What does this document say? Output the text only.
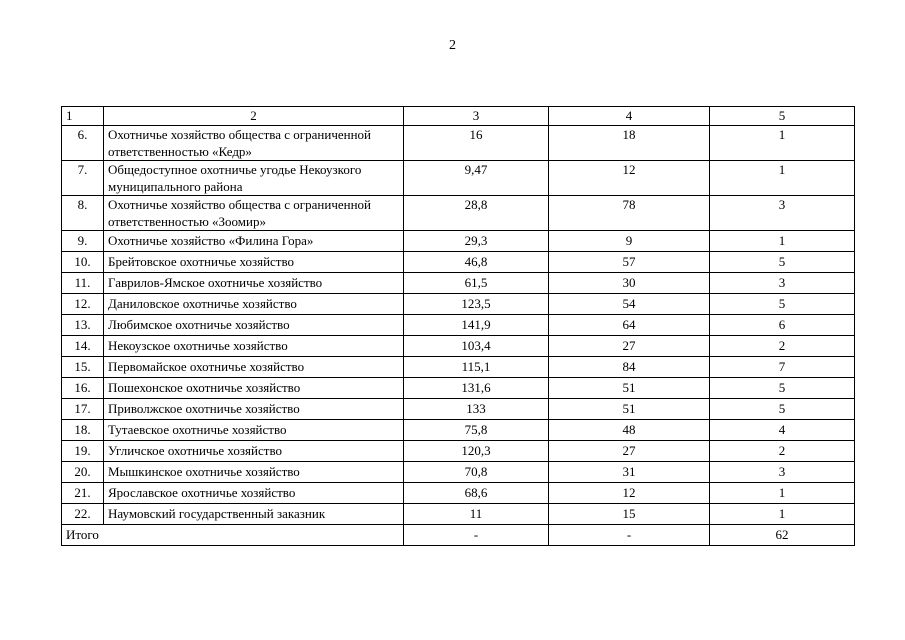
2
1	2	3	4	5
6.	Охотничье хозяйство общества с ограниченной ответственностью «Кедр»	16	18	1
7.	Общедоступное охотничье угодье Некоузкого муниципального района	9,47	12	1
8.	Охотничье хозяйство общества с ограниченной ответственностью «Зоомир»	28,8	78	3
9.	Охотничье хозяйство «Филина Гора»	29,3	9	1
10.	Брейтовское охотничье хозяйство	46,8	57	5
11.	Гаврилов-Ямское охотничье хозяйство	61,5	30	3
12.	Даниловское охотничье хозяйство	123,5	54	5
13.	Любимское охотничье хозяйство	141,9	64	6
14.	Некоузское охотничье хозяйство	103,4	27	2
15.	Первомайское охотничье хозяйство	115,1	84	7
16.	Пошехонское охотничье хозяйство	131,6	51	5
17.	Приволжское охотничье хозяйство	133	51	5
18.	Тутаевское охотничье хозяйство	75,8	48	4
19.	Угличское охотничье хозяйство	120,3	27	2
20.	Мышкинское охотничье хозяйство	70,8	31	3
21.	Ярославское охотничье хозяйство	68,6	12	1
22.	Наумовский государственный заказник	11	15	1
Итого		-	-	62
